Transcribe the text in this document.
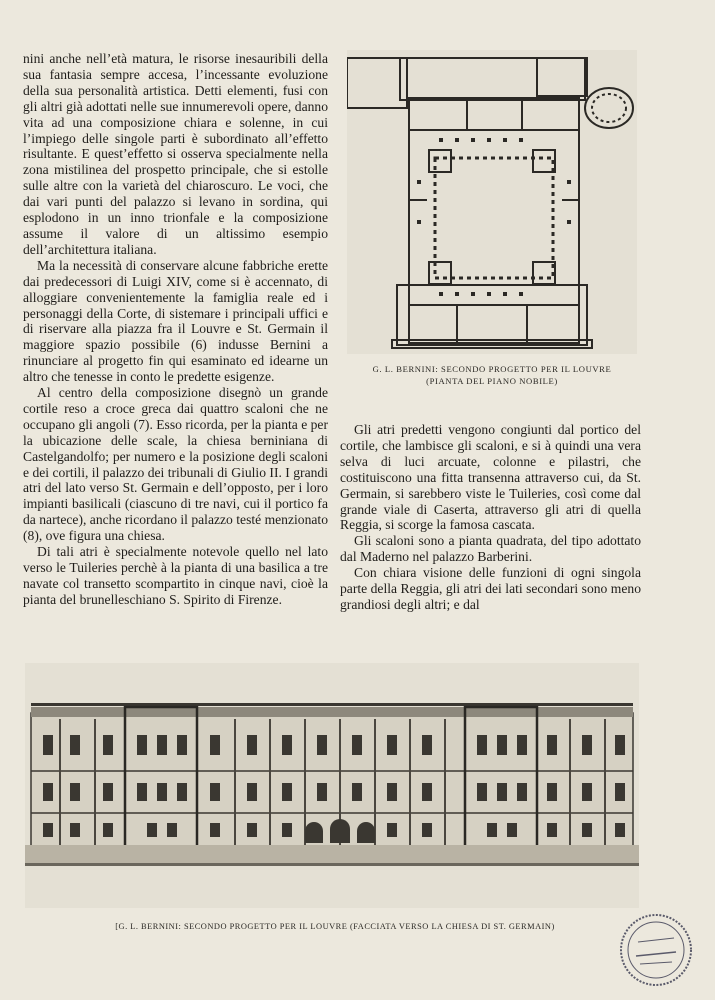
nini anche nell’età matura, le risorse inesauribili della sua fantasia sempre accesa, l’incessante evoluzione della sua personalità artistica. Detti elementi, fusi con gli altri già adottati nelle sue innumerevoli opere, danno vita ad una composizione chiara e solenne, in cui l’impiego delle singole parti è subordinato all’effetto risultante. E quest’effetto si osserva specialmente nella zona mistilinea del prospetto principale, che si estolle sulle altre con la varietà del chiaroscuro. Le voci, che dai vari punti del palazzo si levano in sordina, qui esplodono in un inno trionfale e la composizione assume il valore di un altissimo esempio dell’architettura italiana.

Ma la necessità di conservare alcune fabbriche erette dai predecessori di Luigi XIV, come si è accennato, di alloggiare convenientemente la famiglia reale ed i personaggi della Corte, di sistemare i principali uffici e di riservare alla piazza fra il Louvre e St. Germain il maggiore spazio possibile (6) indusse Bernini a rinunciare al progetto fin qui esaminato ed idearne un altro che tenesse in conto le predette esigenze.

Al centro della composizione disegnò un grande cortile reso a croce greca dai quattro scaloni che ne occupano gli angoli (7). Esso ricorda, per la pianta e per la ubicazione delle scale, la chiesa berniniana di Castelgandolfo; per numero e la posizione degli scaloni e dei cortili, il palazzo dei tribunali di Giulio II. I grandi atri del lato verso St. Germain e dell’opposto, per i loro impianti basilicali (ciascuno di tre navi, cui il portico fa da nartece), anche ricordano il palazzo testé menzionato (8), ove figura una chiesa.

Di tali atri è specialmente notevole quello nel lato verso le Tuileries perchè à la pianta di una basilica a tre navate col transetto scompartito in cinque navi, cioè la pianta del brunelleschiano S. Spirito di Firenze.

G. L. BERNINI: SECONDO PROGETTO PER IL LOUVRE
(PIANTA DEL PIANO NOBILE)

Gli atri predetti vengono congiunti dal portico del cortile, che lambisce gli scaloni, e si à quindi una vera selva di luci arcuate, colonne e pilastri, che costituiscono una fitta transenna attraverso cui, da St. Germain, si sarebbero viste le Tuileries, così come dal grande viale di Caserta, attraverso gli atri di quella Reggia, si scorge la famosa cascata.

Gli scaloni sono a pianta quadrata, del tipo adottato dal Maderno nel palazzo Barberini.

Con chiara visione delle funzioni di ogni singola parte della Reggia, gli atri dei lati secondari sono meno grandiosi degli altri; e dal

[G. L. BERNINI: SECONDO PROGETTO PER IL LOUVRE (FACCIATA VERSO LA CHIESA DI ST. GERMAIN)
